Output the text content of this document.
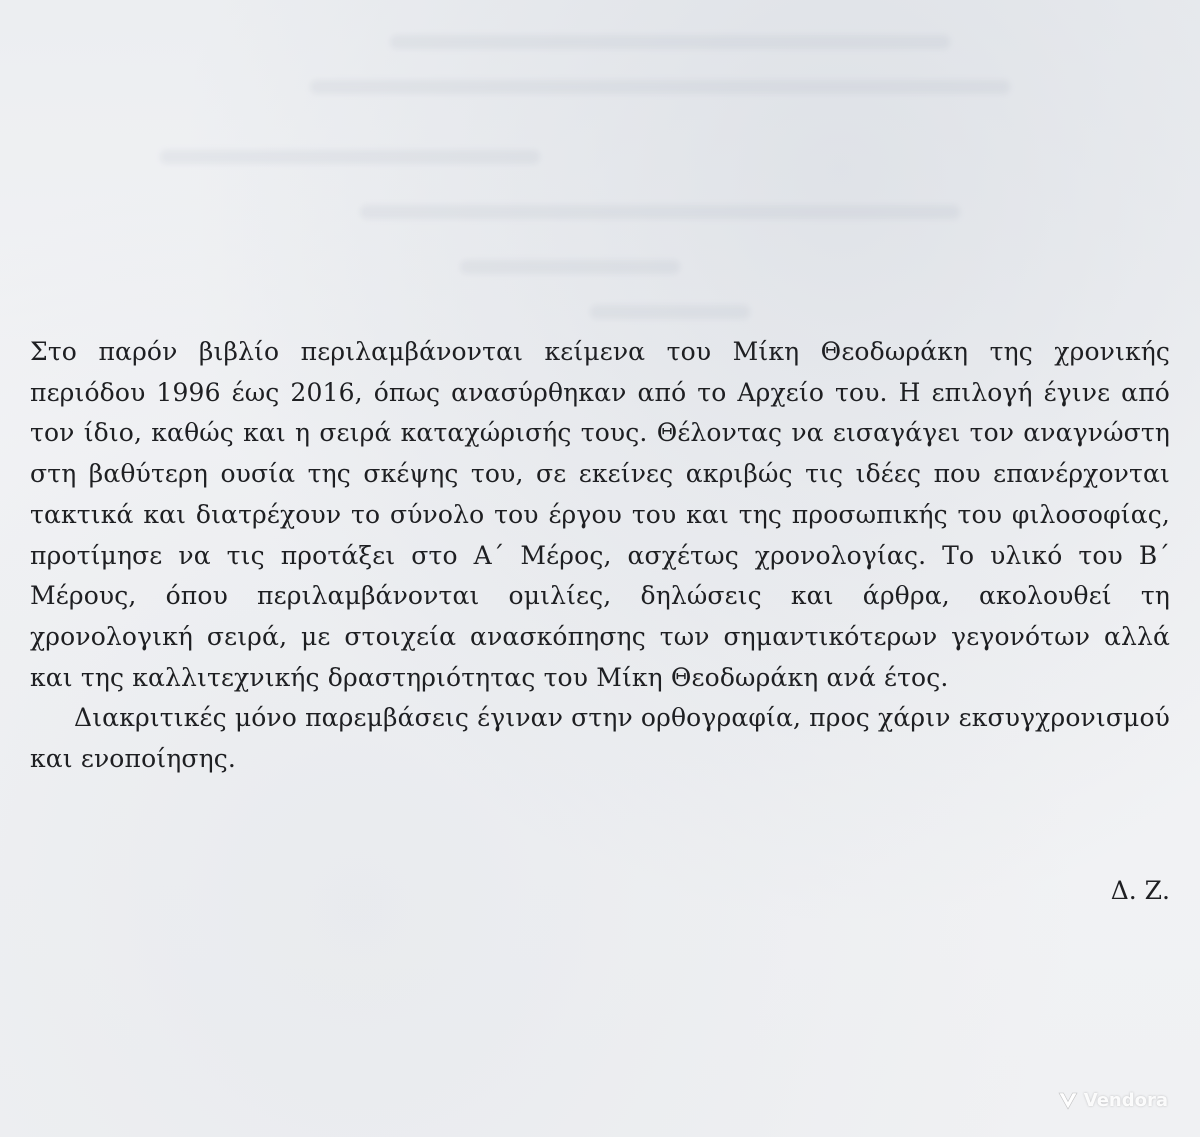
Στο παρόν βιβλίο περιλαμβάνονται κείμενα του Μίκη Θεοδωράκη της χρονικής περιόδου 1996 έως 2016, όπως ανασύρθηκαν από το Αρχείο του. Η επιλογή έγινε από τον ίδιο, καθώς και η σειρά καταχώρισής τους. Θέλοντας να εισαγάγει τον αναγνώστη στη βαθύτερη ουσία της σκέψης του, σε εκείνες ακριβώς τις ιδέες που επανέρχονται τακτικά και διατρέχουν το σύνολο του έργου του και της προσωπικής του φιλοσοφίας, προτίμησε να τις προτάξει στο Α΄ Μέρος, ασχέτως χρονολογίας. Το υλικό του Β΄ Μέρους, όπου περιλαμβάνονται ομιλίες, δηλώσεις και άρθρα, ακολουθεί τη χρονολογική σειρά, με στοιχεία ανασκόπησης των σημαντικότερων γεγονότων αλλά και της καλλιτεχνικής δραστηριότητας του Μίκη Θεοδωράκη ανά έτος.

Διακριτικές μόνο παρεμβάσεις έγιναν στην ορθογραφία, προς χάριν εκσυγχρονισμού και ενοποίησης.

Δ. Ζ.
Vendora
